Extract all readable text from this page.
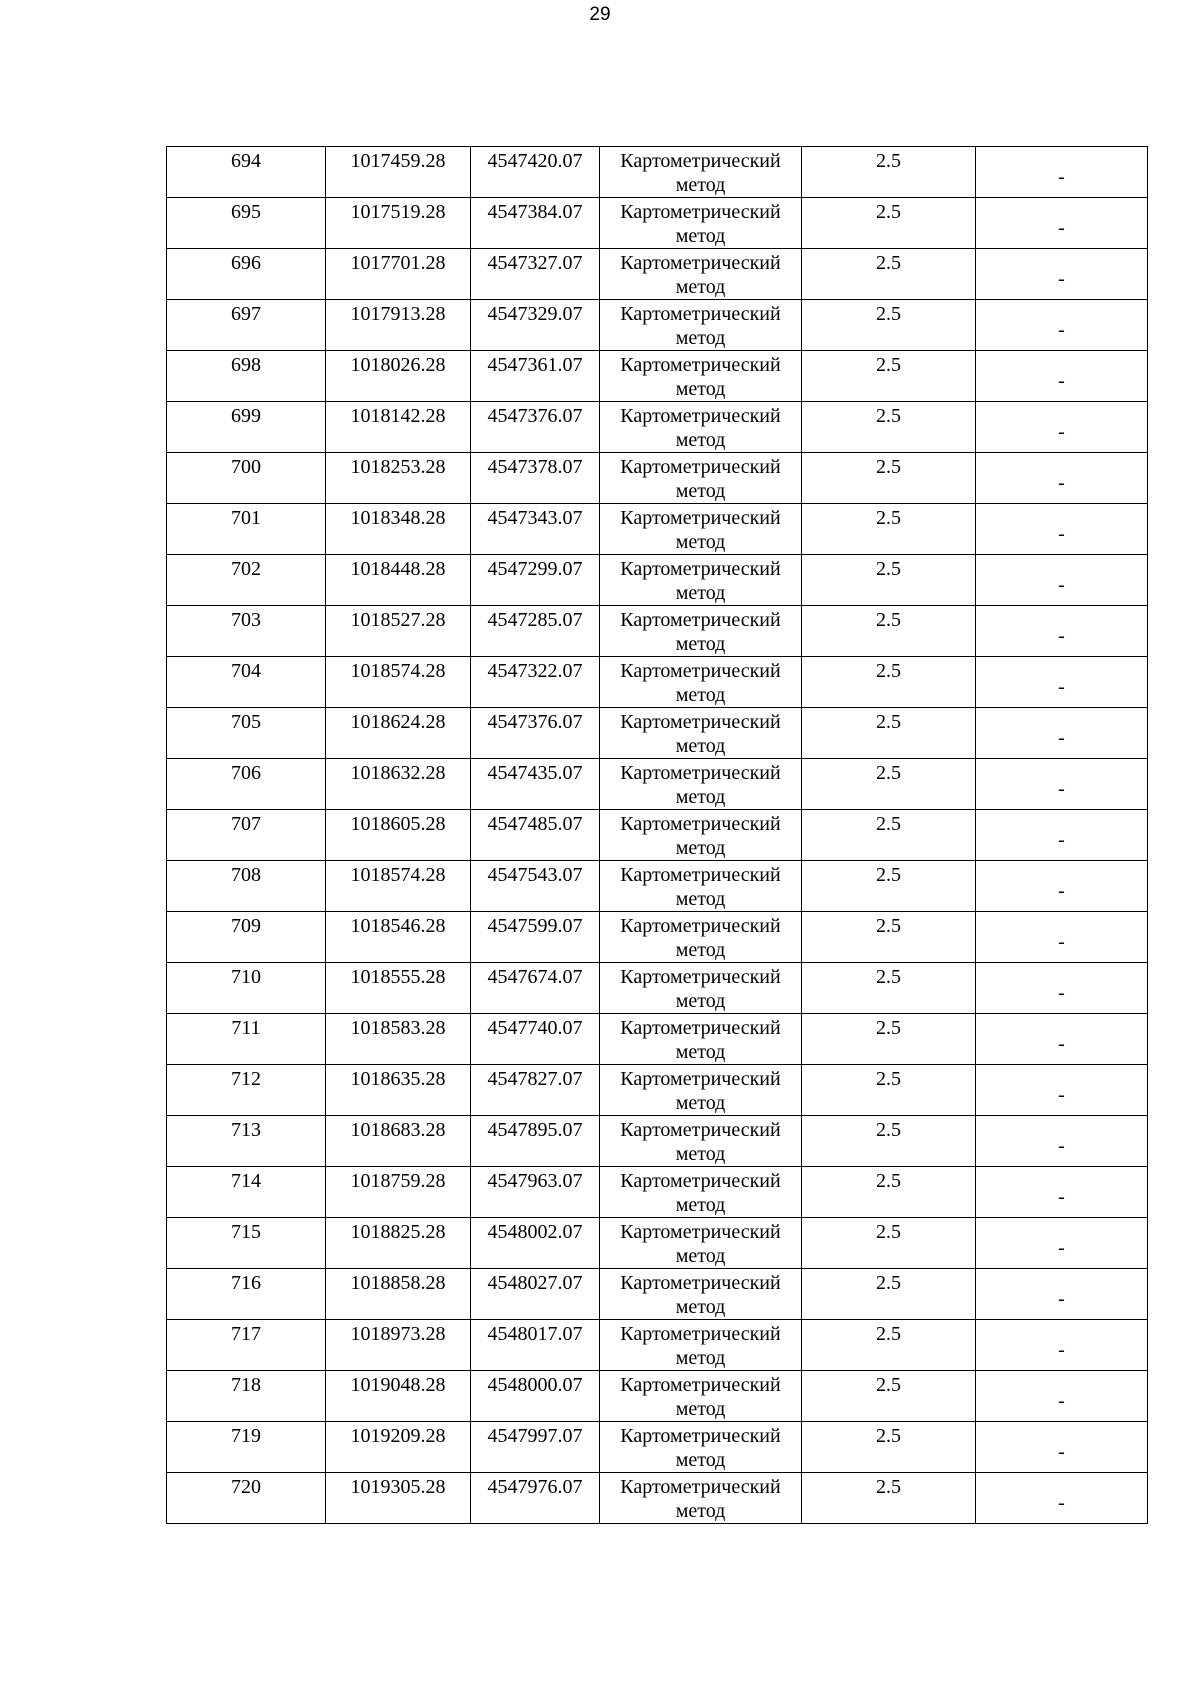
29
694	1017459.28	4547420.07	Картометрический метод	2.5	-

695	1017519.28	4547384.07	Картометрический метод	2.5	-

696	1017701.28	4547327.07	Картометрический метод	2.5	-

697	1017913.28	4547329.07	Картометрический метод	2.5	-

698	1018026.28	4547361.07	Картометрический метод	2.5	-

699	1018142.28	4547376.07	Картометрический метод	2.5	-

700	1018253.28	4547378.07	Картометрический метод	2.5	-

701	1018348.28	4547343.07	Картометрический метод	2.5	-

702	1018448.28	4547299.07	Картометрический метод	2.5	-

703	1018527.28	4547285.07	Картометрический метод	2.5	-

704	1018574.28	4547322.07	Картометрический метод	2.5	-

705	1018624.28	4547376.07	Картометрический метод	2.5	-

706	1018632.28	4547435.07	Картометрический метод	2.5	-

707	1018605.28	4547485.07	Картометрический метод	2.5	-

708	1018574.28	4547543.07	Картометрический метод	2.5	-

709	1018546.28	4547599.07	Картометрический метод	2.5	-

710	1018555.28	4547674.07	Картометрический метод	2.5	-

711	1018583.28	4547740.07	Картометрический метод	2.5	-

712	1018635.28	4547827.07	Картометрический метод	2.5	-

713	1018683.28	4547895.07	Картометрический метод	2.5	-

714	1018759.28	4547963.07	Картометрический метод	2.5	-

715	1018825.28	4548002.07	Картометрический метод	2.5	-

716	1018858.28	4548027.07	Картометрический метод	2.5	-

717	1018973.28	4548017.07	Картометрический метод	2.5	-

718	1019048.28	4548000.07	Картометрический метод	2.5	-

719	1019209.28	4547997.07	Картометрический метод	2.5	-

720	1019305.28	4547976.07	Картометрический метод	2.5	-
